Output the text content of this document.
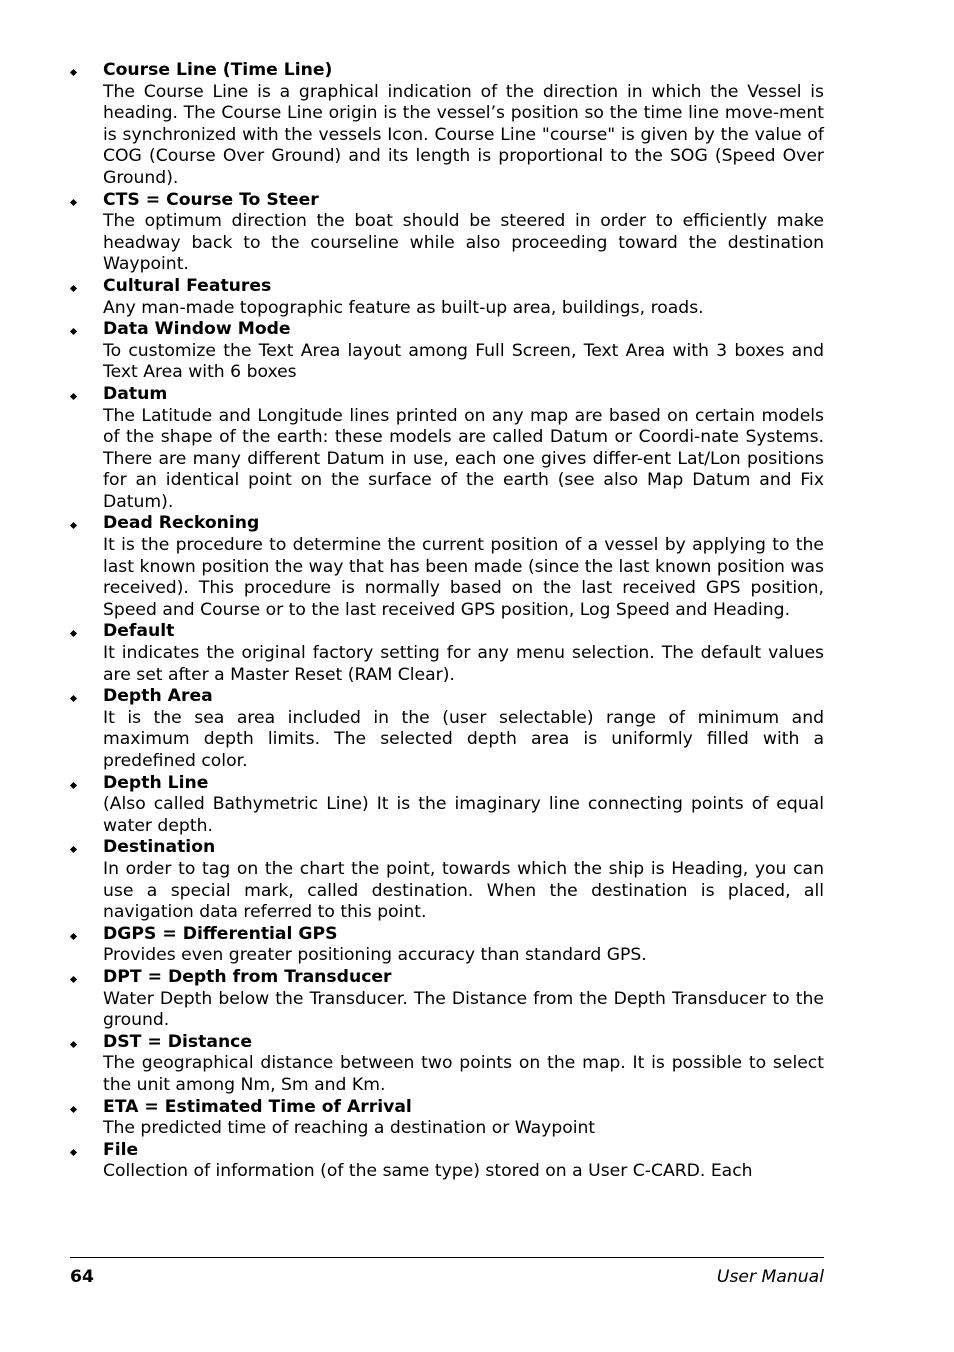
Course Line (Time Line)
The Course Line is a graphical indication of the direction in which the Vessel is heading. The Course Line origin is the vessel’s position so the time line move-ment is synchronized with the vessels Icon. Course Line "course" is given by the value of COG (Course Over Ground) and its length is proportional to the SOG (Speed Over Ground).
CTS = Course To Steer
The optimum direction the boat should be steered in order to efficiently make headway back to the courseline while also proceeding toward the destination Waypoint.
Cultural Features
Any man-made topographic feature as built-up area, buildings, roads.
Data Window Mode
To customize the Text Area layout among Full Screen, Text Area with 3 boxes and Text Area with 6 boxes
Datum
The Latitude and Longitude lines printed on any map are based on certain models of the shape of the earth: these models are called Datum or Coordi-nate Systems. There are many different Datum in use, each one gives differ-ent Lat/Lon positions for an identical point on the surface of the earth (see also Map Datum and Fix Datum).
Dead Reckoning
It is the procedure to determine the current position of a vessel by applying to the last known position the way that has been made (since the last known position was received). This procedure is normally based on the last received GPS position, Speed and Course or to the last received GPS position, Log Speed and Heading.
Default
It indicates the original factory setting for any menu selection. The default values are set after a Master Reset (RAM Clear).
Depth Area
It is the sea area included in the (user selectable) range of minimum and maximum depth limits. The selected depth area is uniformly filled with a predefined color.
Depth Line
(Also called Bathymetric Line) It is the imaginary line connecting points of equal water depth.
Destination
In order to tag on the chart the point, towards which the ship is Heading, you can use a special mark, called destination. When the destination is placed, all navigation data referred to this point.
DGPS = Differential GPS
Provides even greater positioning accuracy than standard GPS.
DPT = Depth from Transducer
Water Depth below the Transducer. The Distance from the Depth Transducer to the ground.
DST = Distance
The geographical distance between two points on the map. It is possible to select the unit among Nm, Sm and Km.
ETA = Estimated Time of Arrival
The predicted time of reaching a destination or Waypoint
File
Collection of information (of the same type) stored on a User C-CARD. Each
64	User Manual
